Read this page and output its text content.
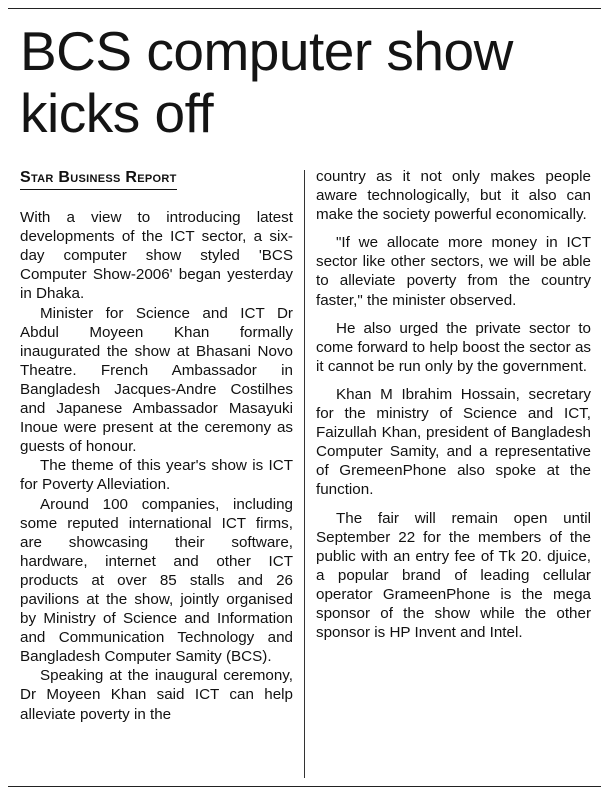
BCS computer show kicks off
Star Business Report

With a view to introducing latest developments of the ICT sector, a six-day computer show styled 'BCS Computer Show-2006' began yesterday in Dhaka.

Minister for Science and ICT Dr Abdul Moyeen Khan formally inaugurated the show at Bhasani Novo Theatre. French Ambassador in Bangladesh Jacques-Andre Costilhes and Japanese Ambassador Masayuki Inoue were present at the ceremony as guests of honour.

The theme of this year's show is ICT for Poverty Alleviation.

Around 100 companies, including some reputed international ICT firms, are showcasing their software, hardware, internet and other ICT products at over 85 stalls and 26 pavilions at the show, jointly organised by Ministry of Science and Information and Communication Technology and Bangladesh Computer Samity (BCS).

Speaking at the inaugural ceremony, Dr Moyeen Khan said ICT can help alleviate poverty in the

country as it not only makes people aware technologically, but it also can make the society powerful economically.

"If we allocate more money in ICT sector like other sectors, we will be able to alleviate poverty from the country faster," the minister observed.

He also urged the private sector to come forward to help boost the sector as it cannot be run only by the government.

Khan M Ibrahim Hossain, secretary for the ministry of Science and ICT, Faizullah Khan, president of Bangladesh Computer Samity, and a representative of GremeenPhone also spoke at the function.

The fair will remain open until September 22 for the members of the public with an entry fee of Tk 20. djuice, a popular brand of leading cellular operator GrameenPhone is the mega sponsor of the show while the other sponsor is HP Invent and Intel.
